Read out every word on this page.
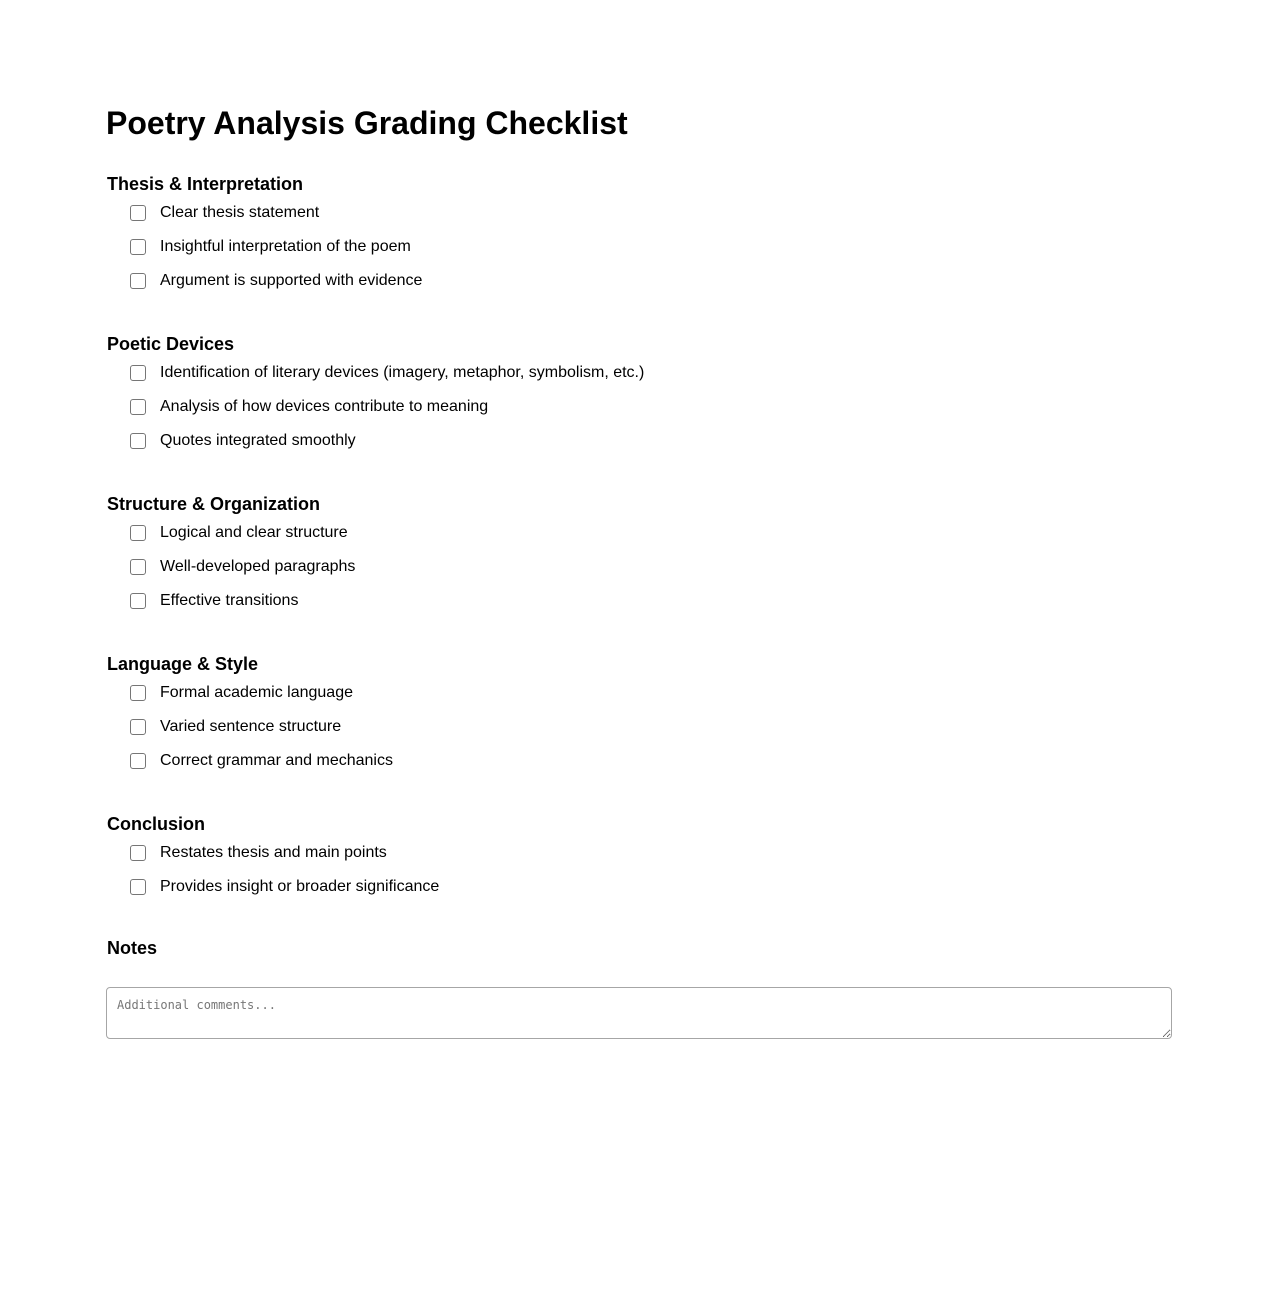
Poetry Analysis Grading Checklist
Thesis & Interpretation
Clear thesis statement
Insightful interpretation of the poem
Argument is supported with evidence
Poetic Devices
Identification of literary devices (imagery, metaphor, symbolism, etc.)
Analysis of how devices contribute to meaning
Quotes integrated smoothly
Structure & Organization
Logical and clear structure
Well-developed paragraphs
Effective transitions
Language & Style
Formal academic language
Varied sentence structure
Correct grammar and mechanics
Conclusion
Restates thesis and main points
Provides insight or broader significance
Notes
Additional comments...
